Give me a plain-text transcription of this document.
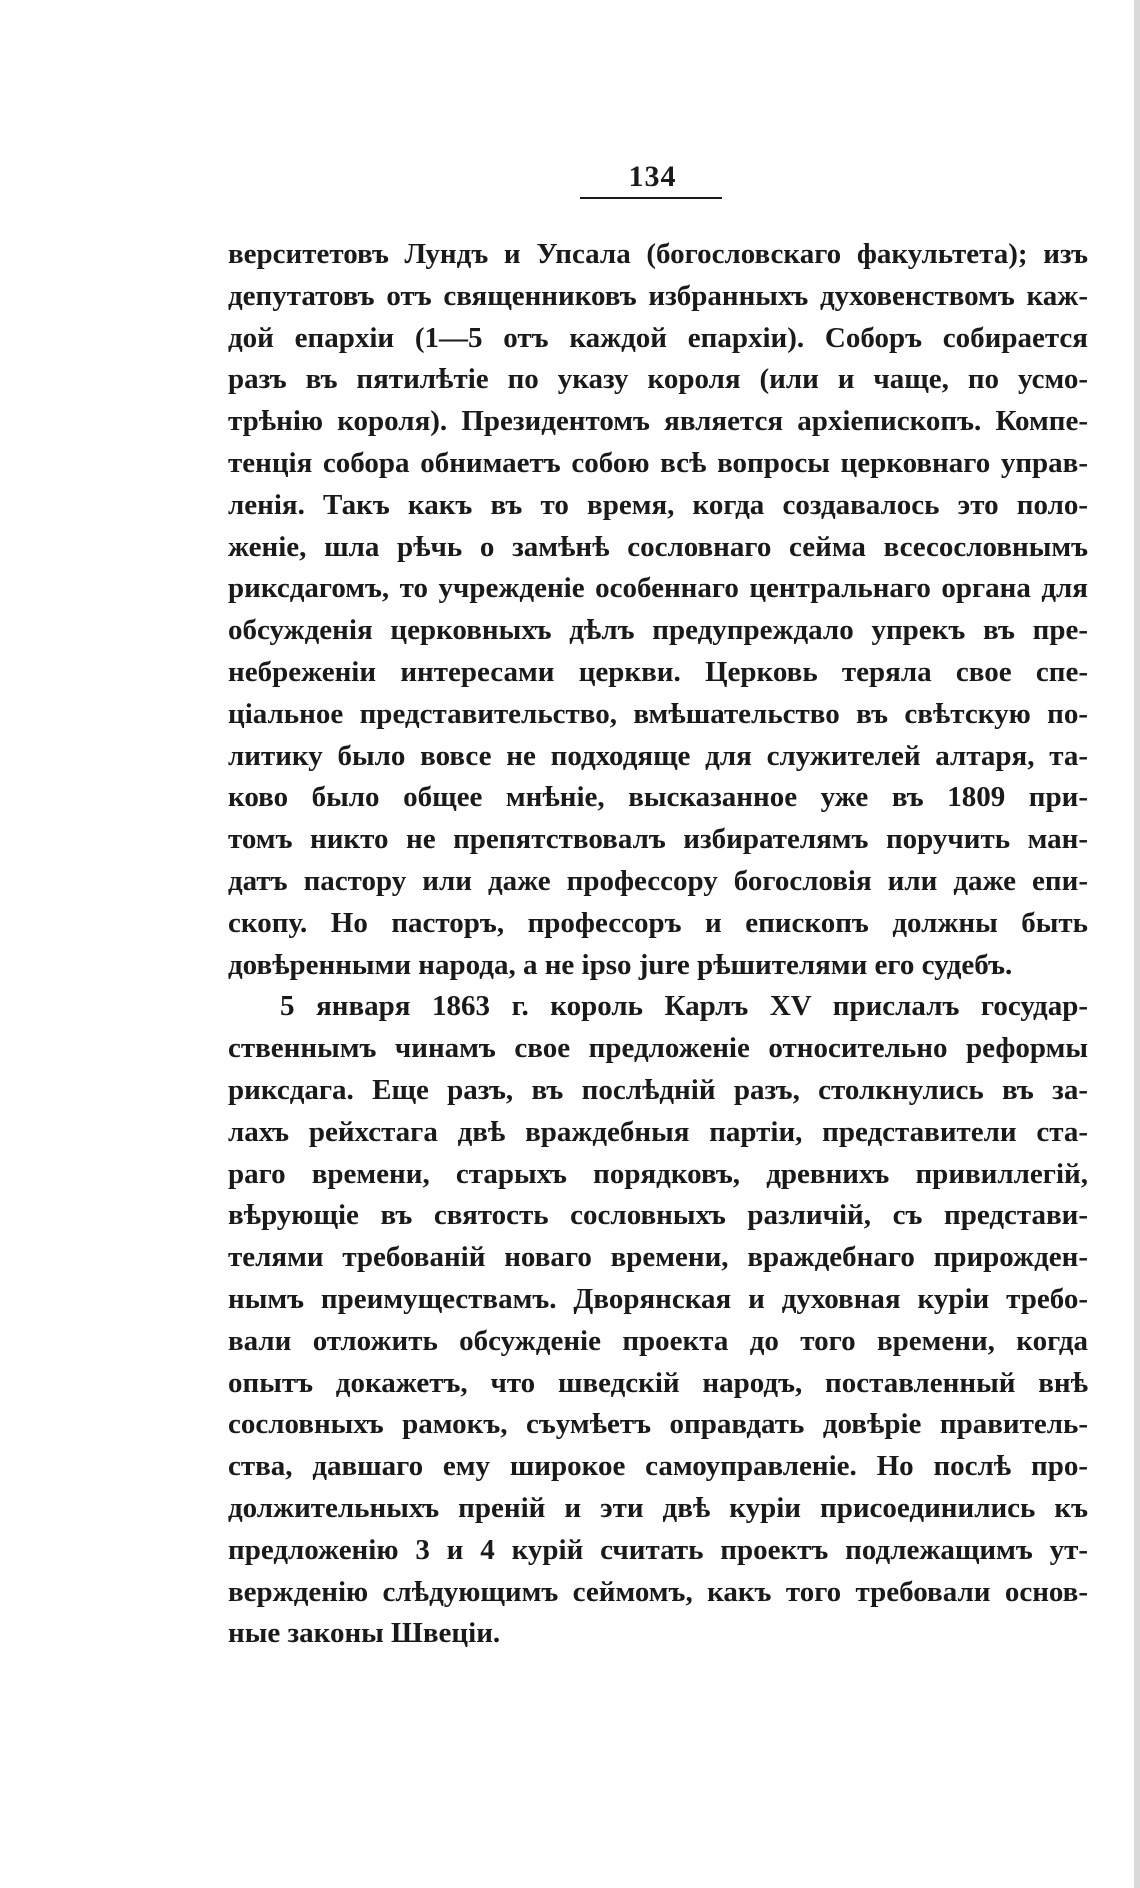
134
верситетовъ Лундъ и Упсала (богословскаго факультета); изъ
депутатовъ отъ священниковъ избранныхъ духовенствомъ каж-
дой епархіи (1—5 отъ каждой епархіи). Соборъ собирается
разъ въ пятилѣтіе по указу короля (или и чаще, по усмо-
трѣнію короля). Президентомъ является архіепископъ. Компе-
тенція собора обнимаетъ собою всѣ вопросы церковнаго управ-
ленія. Такъ какъ въ то время, когда создавалось это поло-
женіе, шла рѣчь о замѣнѣ сословнаго сейма всесословнымъ
риксдагомъ, то учрежденіе особеннаго центральнаго органа для
обсужденія церковныхъ дѣлъ предупреждало упрекъ въ пре-
небреженіи интересами церкви. Церковь теряла свое спе-
ціальное представительство, вмѣшательство въ свѣтскую по-
литику было вовсе не подходяще для служителей алтаря, та-
ково было общее мнѣніе, высказанное уже въ 1809 при-
томъ никто не препятствовалъ избирателямъ поручить ман-
датъ пастору или даже профессору богословія или даже епи-
скопу. Но пасторъ, профессоръ и епископъ должны быть
довѣренными народа, а не ipso jure рѣшителями его судебъ.
5 января 1863 г. король Карлъ XV прислалъ государ-
ственнымъ чинамъ свое предложеніе относительно реформы
риксдага. Еще разъ, въ послѣдній разъ, столкнулись въ за-
лахъ рейхстага двѣ враждебныя партіи, представители ста-
раго времени, старыхъ порядковъ, древнихъ привиллегій,
вѣрующіе въ святость сословныхъ различій, съ представи-
телями требованій новаго времени, враждебнаго прирожден-
нымъ преимуществамъ. Дворянская и духовная куріи требо-
вали отложить обсужденіе проекта до того времени, когда
опытъ докажетъ, что шведскій народъ, поставленный внѣ
сословныхъ рамокъ, съумѣетъ оправдать довѣріе правитель-
ства, давшаго ему широкое самоуправленіе. Но послѣ про-
должительныхъ преній и эти двѣ куріи присоединились къ
предложенію 3 и 4 курій считать проектъ подлежащимъ ут-
вержденію слѣдующимъ сеймомъ, какъ того требовали основ-
ные законы Швеціи.
